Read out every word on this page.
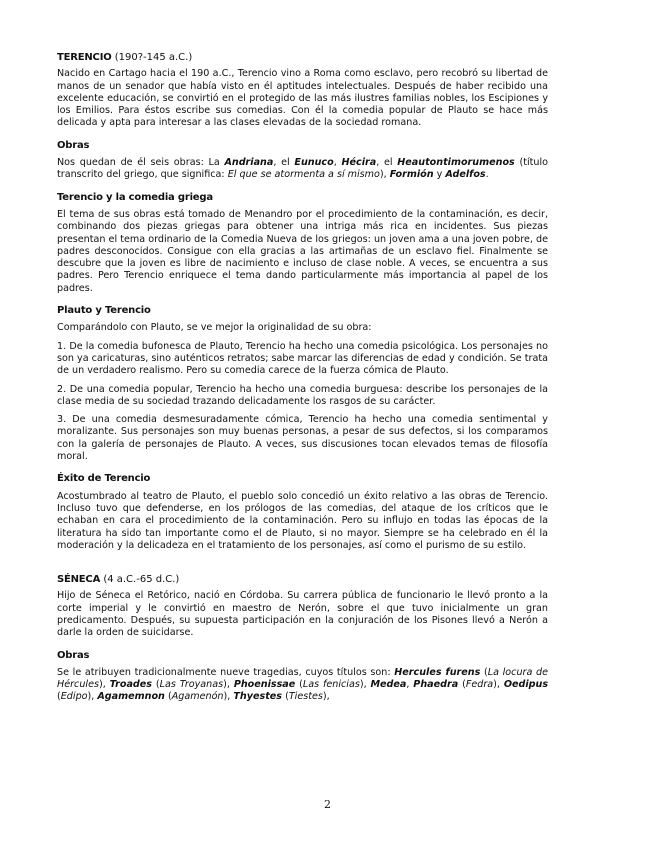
TERENCIO (190?-145 a.C.)

Nacido en Cartago hacia el 190 a.C., Terencio vino a Roma como esclavo, pero recobró su libertad de manos de un senador que había visto en él aptitudes intelectuales. Después de haber recibido una excelente educación, se convirtió en el protegido de las más ilustres familias nobles, los Escipiones y los Emilios. Para éstos escribe sus comedias. Con él la comedia popular de Plauto se hace más delicada y apta para interesar a las clases elevadas de la sociedad romana.

Obras

Nos quedan de él seis obras: La Andriana, el Eunuco, Hécira, el Heautontimorumenos (título transcrito del griego, que significa: El que se atormenta a sí mismo), Formión y Adelfos.

Terencio y la comedia griega

El tema de sus obras está tomado de Menandro por el procedimiento de la contaminación, es decir, combinando dos piezas griegas para obtener una intriga más rica en incidentes. Sus piezas presentan el tema ordinario de la Comedia Nueva de los griegos: un joven ama a una joven pobre, de padres desconocidos. Consigue con ella gracias a las artimañas de un esclavo fiel. Finalmente se descubre que la joven es libre de nacimiento e incluso de clase noble. A veces, se encuentra a sus padres. Pero Terencio enriquece el tema dando particularmente más importancia al papel de los padres.

Plauto y Terencio

Comparándolo con Plauto, se ve mejor la originalidad de su obra:

1. De la comedia bufonesca de Plauto, Terencio ha hecho una comedia psicológica. Los personajes no son ya caricaturas, sino auténticos retratos; sabe marcar las diferencias de edad y condición. Se trata de un verdadero realismo. Pero su comedia carece de la fuerza cómica de Plauto.

2. De una comedia popular, Terencio ha hecho una comedia burguesa: describe los personajes de la clase media de su sociedad trazando delicadamente los rasgos de su carácter.

3. De una comedia desmesuradamente cómica, Terencio ha hecho una comedia sentimental y moralizante. Sus personajes son muy buenas personas, a pesar de sus defectos, si los comparamos con la galería de personajes de Plauto. A veces, sus discusiones tocan elevados temas de filosofía moral.

Éxito de Terencio

Acostumbrado al teatro de Plauto, el pueblo solo concedió un éxito relativo a las obras de Terencio. Incluso tuvo que defenderse, en los prólogos de las comedias, del ataque de los críticos que le echaban en cara el procedimiento de la contaminación. Pero su influjo en todas las épocas de la literatura ha sido tan importante como el de Plauto, si no mayor. Siempre se ha celebrado en él la moderación y la delicadeza en el tratamiento de los personajes, así como el purismo de su estilo.

SÉNECA (4 a.C.-65 d.C.)

Hijo de Séneca el Retórico, nació en Córdoba. Su carrera pública de funcionario le llevó pronto a la corte imperial y le convirtió en maestro de Nerón, sobre el que tuvo inicialmente un gran predicamento. Después, su supuesta participación en la conjuración de los Pisones llevó a Nerón a darle la orden de suicidarse.

Obras

Se le atribuyen tradicionalmente nueve tragedias, cuyos títulos son: Hercules furens (La locura de Hércules), Troades (Las Troyanas), Phoenissae (Las fenicias), Medea, Phaedra (Fedra), Oedipus (Edipo), Agamemnon (Agamenón), Thyestes (Tiestes),

2
